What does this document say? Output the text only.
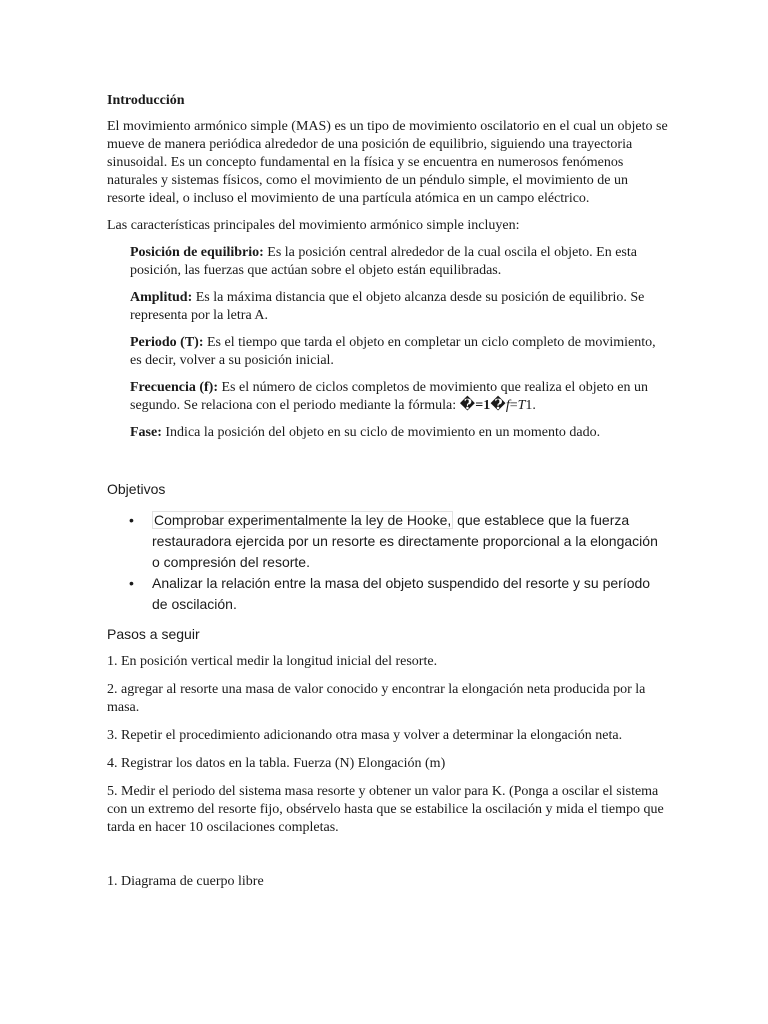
Introducción

El movimiento armónico simple (MAS) es un tipo de movimiento oscilatorio en el cual un objeto se mueve de manera periódica alrededor de una posición de equilibrio, siguiendo una trayectoria sinusoidal. Es un concepto fundamental en la física y se encuentra en numerosos fenómenos naturales y sistemas físicos, como el movimiento de un péndulo simple, el movimiento de un resorte ideal, o incluso el movimiento de una partícula atómica en un campo eléctrico.

Las características principales del movimiento armónico simple incluyen:

Posición de equilibrio: Es la posición central alrededor de la cual oscila el objeto. En esta posición, las fuerzas que actúan sobre el objeto están equilibradas.

Amplitud: Es la máxima distancia que el objeto alcanza desde su posición de equilibrio. Se representa por la letra A.

Periodo (T): Es el tiempo que tarda el objeto en completar un ciclo completo de movimiento, es decir, volver a su posición inicial.

Frecuencia (f): Es el número de ciclos completos de movimiento que realiza el objeto en un segundo. Se relaciona con el periodo mediante la fórmula: �=1�f=T1.

Fase: Indica la posición del objeto en su ciclo de movimiento en un momento dado.

Objetivos
• Comprobar experimentalmente la ley de Hooke, que establece que la fuerza restauradora ejercida por un resorte es directamente proporcional a la elongación o compresión del resorte.
• Analizar la relación entre la masa del objeto suspendido del resorte y su período de oscilación.
Pasos a seguir

1. En posición vertical medir la longitud inicial del resorte.

2. agregar al resorte una masa de valor conocido y encontrar la elongación neta producida por la masa.

3. Repetir el procedimiento adicionando otra masa y volver a determinar la elongación neta.

4. Registrar los datos en la tabla. Fuerza (N) Elongación (m)

5. Medir el periodo del sistema masa resorte y obtener un valor para K. (Ponga a oscilar el sistema con un extremo del resorte fijo, obsérvelo hasta que se estabilice la oscilación y mida el tiempo que tarda en hacer 10 oscilaciones completas.

1. Diagrama de cuerpo libre
